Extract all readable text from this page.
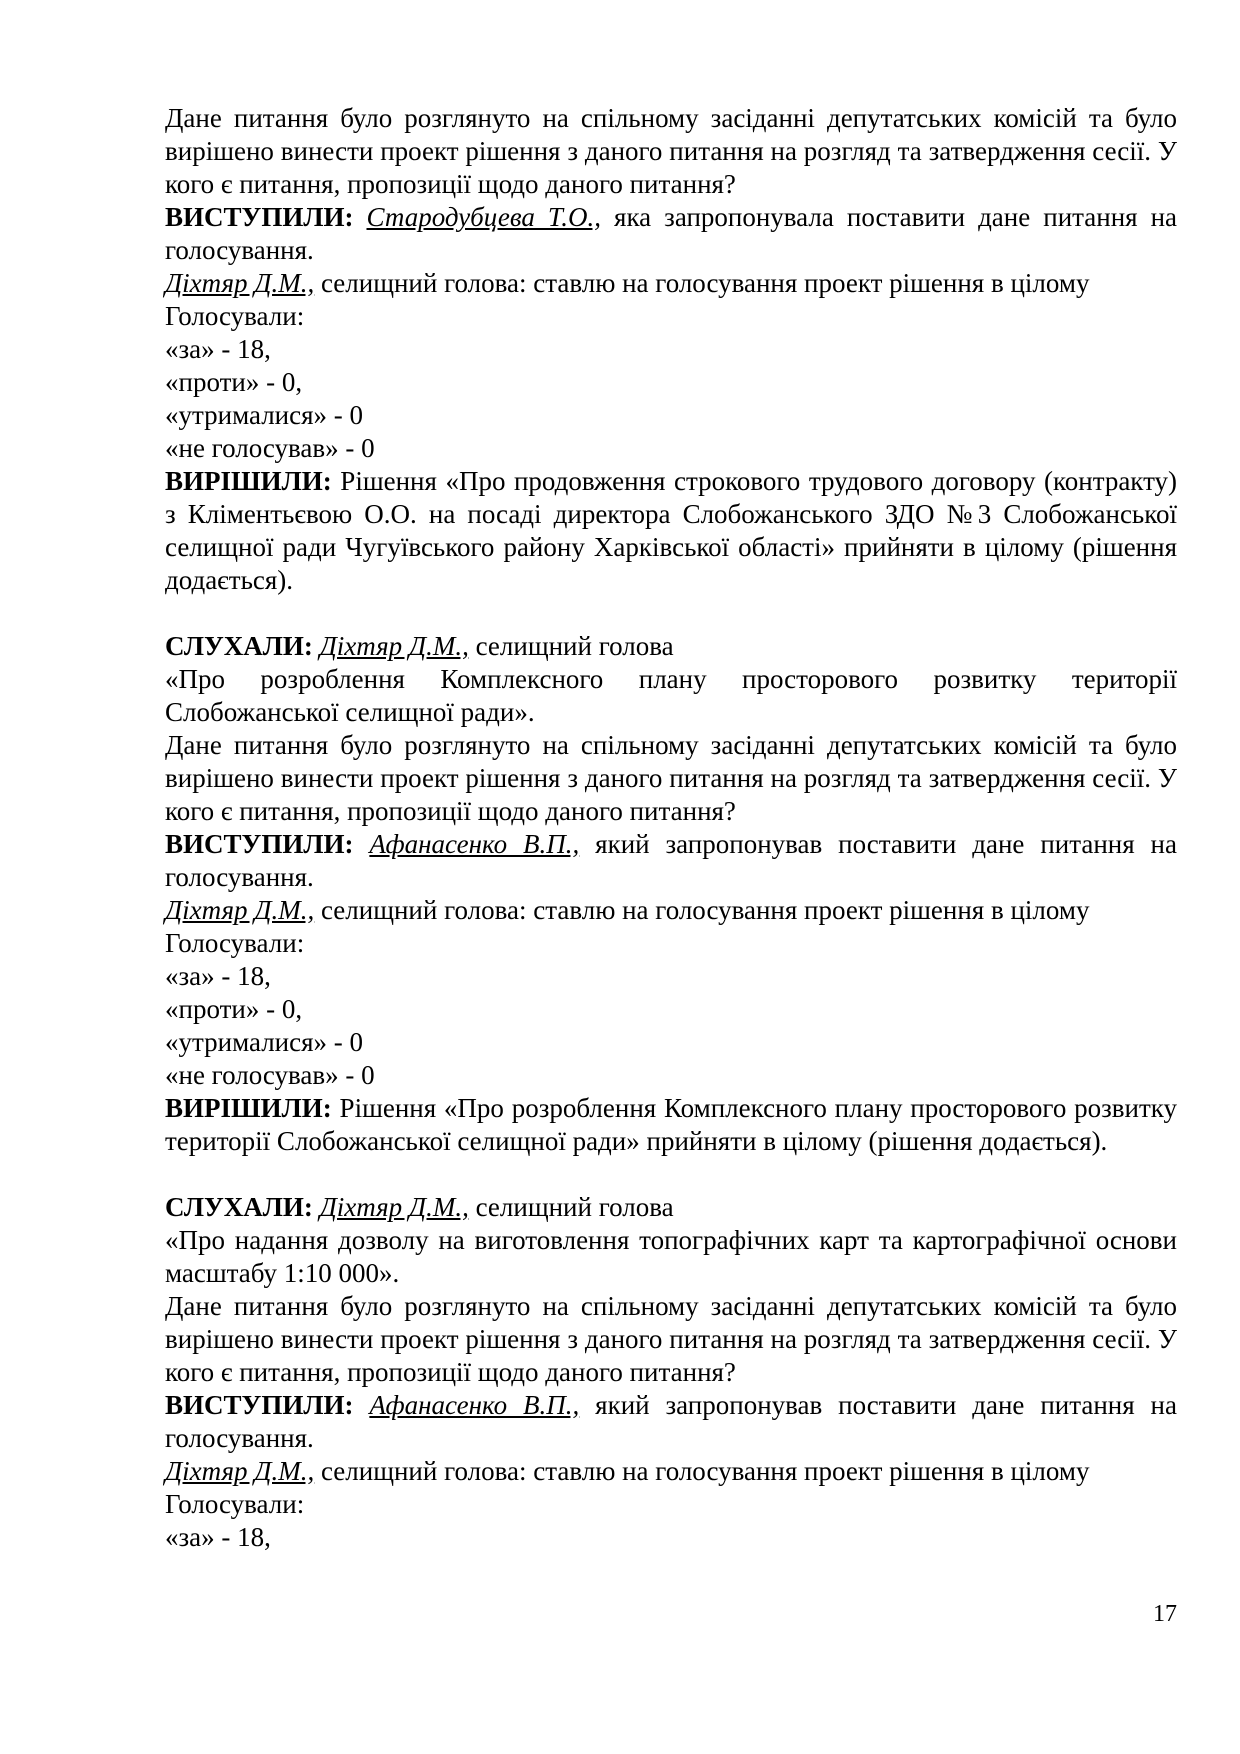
Дане питання було розглянуто на спільному засіданні депутатських комісій та було вирішено винести проект рішення з даного питання на розгляд та затвердження сесії. У кого є питання, пропозиції щодо даного питання?

ВИСТУПИЛИ: Стародубцева Т.О., яка запропонувала поставити дане питання на голосування.

Діхтяр Д.М., селищний голова: ставлю на голосування проект рішення в цілому

Голосували:

«за» - 18,

«проти» - 0,

«утрималися» - 0

«не голосував» - 0

ВИРІШИЛИ: Рішення «Про продовження строкового трудового договору (контракту) з Кліментьєвою О.О. на посаді директора Слобожанського ЗДО №3 Слобожанської селищної ради Чугуївського району Харківської області» прийняти в цілому (рішення додається).

СЛУХАЛИ: Діхтяр Д.М., селищний голова

«Про розроблення Комплексного плану просторового розвитку території Слобожанської селищної ради».

Дане питання було розглянуто на спільному засіданні депутатських комісій та було вирішено винести проект рішення з даного питання на розгляд та затвердження сесії. У кого є питання, пропозиції щодо даного питання?

ВИСТУПИЛИ: Афанасенко В.П., який запропонував поставити дане питання на голосування.

Діхтяр Д.М., селищний голова: ставлю на голосування проект рішення в цілому

Голосували:

«за» - 18,

«проти» - 0,

«утрималися» - 0

«не голосував» - 0

ВИРІШИЛИ: Рішення «Про розроблення Комплексного плану просторового розвитку території Слобожанської селищної ради» прийняти в цілому (рішення додається).

СЛУХАЛИ: Діхтяр Д.М., селищний голова

«Про надання дозволу на виготовлення топографічних карт та картографічної основи масштабу 1:10 000».

Дане питання було розглянуто на спільному засіданні депутатських комісій та було вирішено винести проект рішення з даного питання на розгляд та затвердження сесії. У кого є питання, пропозиції щодо даного питання?

ВИСТУПИЛИ: Афанасенко В.П., який запропонував поставити дане питання на голосування.

Діхтяр Д.М., селищний голова: ставлю на голосування проект рішення в цілому

Голосували:

«за» - 18,

17
